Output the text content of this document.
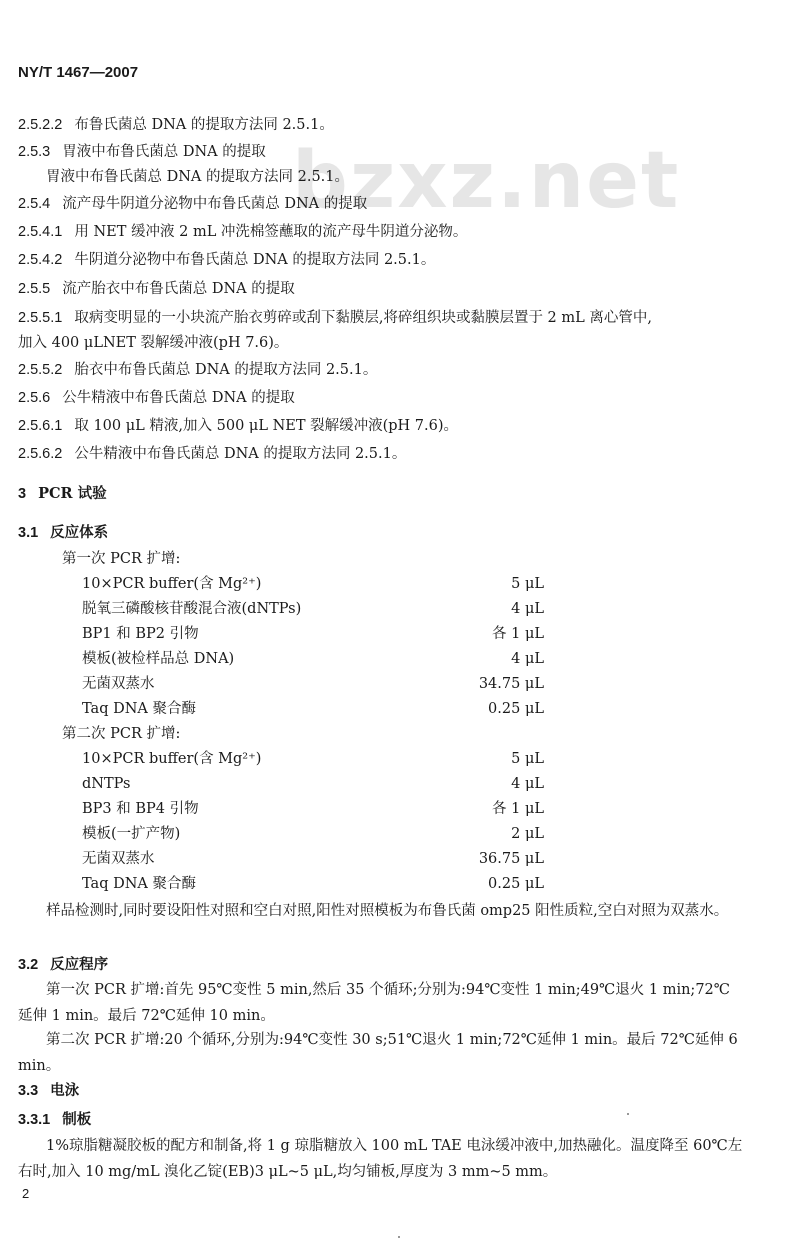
bzxz.net
NY/T 1467—2007
2.5.2.2 布鲁氏菌总 DNA 的提取方法同 2.5.1。
2.5.3 胃液中布鲁氏菌总 DNA 的提取
胃液中布鲁氏菌总 DNA 的提取方法同 2.5.1。
2.5.4 流产母牛阴道分泌物中布鲁氏菌总 DNA 的提取
2.5.4.1 用 NET 缓冲液 2 mL 冲洗棉签蘸取的流产母牛阴道分泌物。
2.5.4.2 牛阴道分泌物中布鲁氏菌总 DNA 的提取方法同 2.5.1。
2.5.5 流产胎衣中布鲁氏菌总 DNA 的提取
2.5.5.1 取病变明显的一小块流产胎衣剪碎或刮下黏膜层,将碎组织块或黏膜层置于 2 mL 离心管中,
加入 400 μLNET 裂解缓冲液(pH 7.6)。
2.5.5.2 胎衣中布鲁氏菌总 DNA 的提取方法同 2.5.1。
2.5.6 公牛精液中布鲁氏菌总 DNA 的提取
2.5.6.1 取 100 μL 精液,加入 500 μL NET 裂解缓冲液(pH 7.6)。
2.5.6.2 公牛精液中布鲁氏菌总 DNA 的提取方法同 2.5.1。
3 PCR 试验
3.1 反应体系
第一次 PCR 扩增:
10×PCR buffer(含 Mg²⁺)	5 μL
脱氧三磷酸核苷酸混合液(dNTPs)	4 μL
BP1 和 BP2 引物	各 1 μL
模板(被检样品总 DNA)	4 μL
无菌双蒸水	34.75 μL
Taq DNA 聚合酶	0.25 μL
第二次 PCR 扩增:
10×PCR buffer(含 Mg²⁺)	5 μL
dNTPs	4 μL
BP3 和 BP4 引物	各 1 μL
模板(一扩产物)	2 μL
无菌双蒸水	36.75 μL
Taq DNA 聚合酶	0.25 μL
样品检测时,同时要设阳性对照和空白对照,阳性对照模板为布鲁氏菌 omp25 阳性质粒,空白对照为双蒸水。
3.2 反应程序
第一次 PCR 扩增:首先 95℃变性 5 min,然后 35 个循环;分别为:94℃变性 1 min;49℃退火 1 min;72℃延伸 1 min。最后 72℃延伸 10 min。
第二次 PCR 扩增:20 个循环,分别为:94℃变性 30 s;51℃退火 1 min;72℃延伸 1 min。最后 72℃延伸 6 min。
3.3 电泳
3.3.1 制板
1%琼脂糖凝胶板的配方和制备,将 1 g 琼脂糖放入 100 mL TAE 电泳缓冲液中,加热融化。温度降至 60℃左右时,加入 10 mg/mL 溴化乙锭(EB)3 μL~5 μL,均匀铺板,厚度为 3 mm~5 mm。
2
